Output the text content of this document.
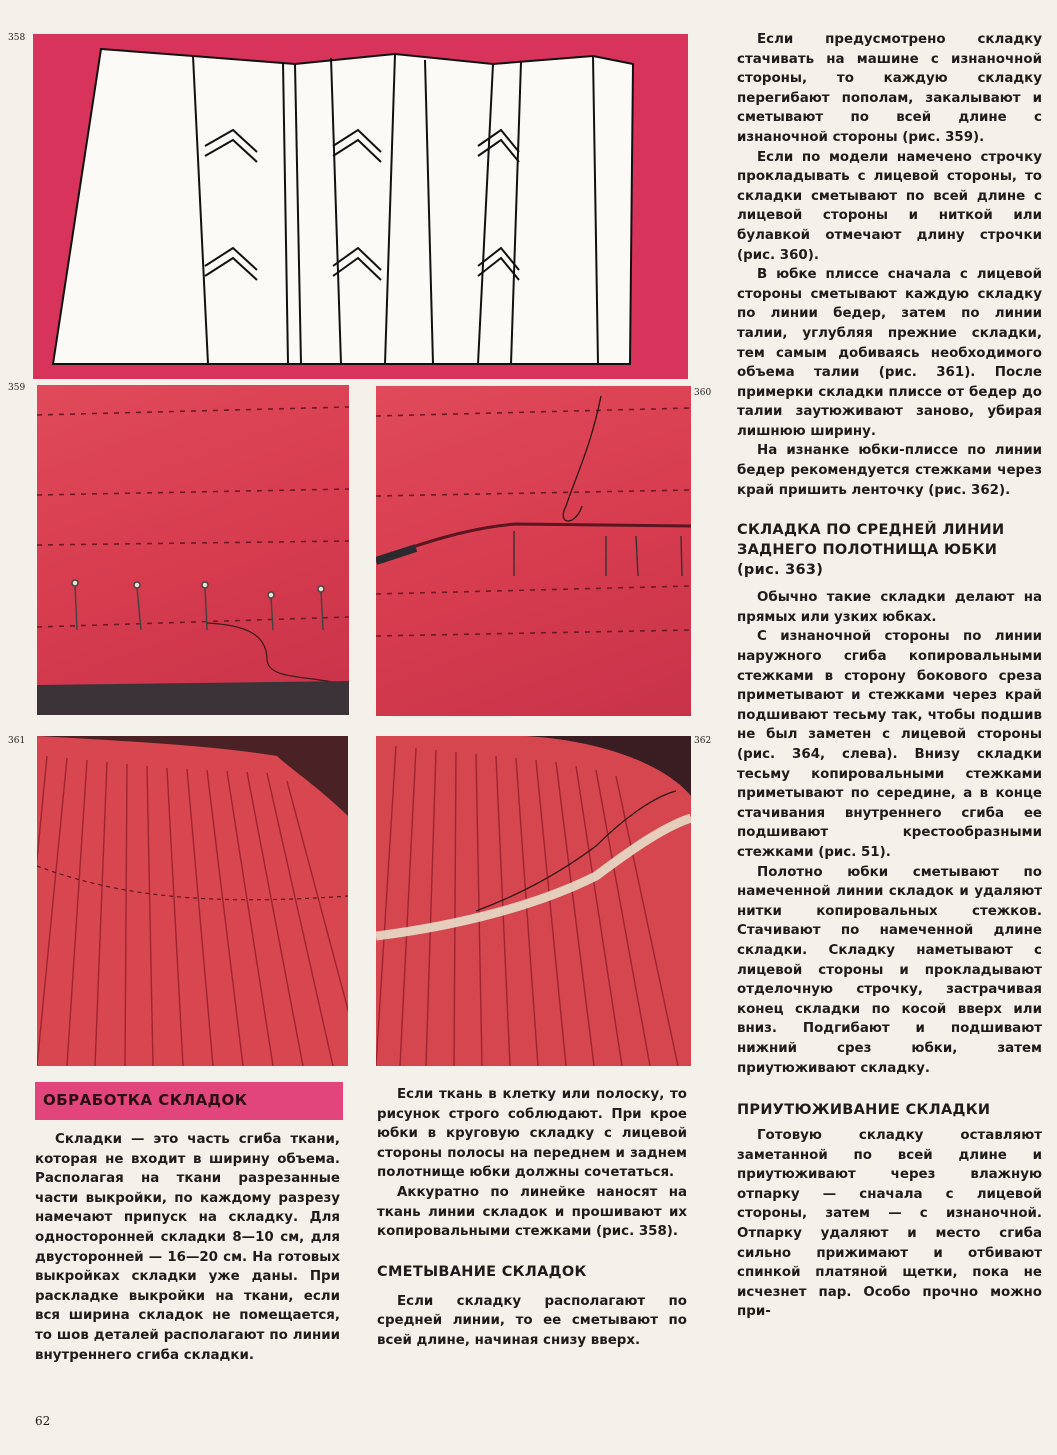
358
359	360
361	362

Если предусмотрено складку стачивать на машине с изнаночной стороны, то каждую складку перегибают пополам, закалывают и сметывают по всей длине с изнаночной стороны (рис. 359).

Если по модели намечено строчку прокладывать с лицевой стороны, то складки сметывают по всей длине с лицевой стороны и ниткой или булавкой отмечают длину строчки (рис. 360).

В юбке плиссе сначала с лицевой стороны сметывают каждую складку по линии бедер, затем по линии талии, углубляя прежние складки, тем самым добиваясь необходимого объема талии (рис. 361). После примерки складки плиссе от бедер до талии заутюживают заново, убирая лишнюю ширину.

На изнанке юбки-плиссе по линии бедер рекомендуется стежками через край пришить ленточку (рис. 362).

СКЛАДКА ПО СРЕДНЕЙ ЛИНИИ ЗАДНЕГО ПОЛОТНИЩА ЮБКИ (рис. 363)

Обычно такие складки делают на прямых или узких юбках.

С изнаночной стороны по линии наружного сгиба копировальными стежками в сторону бокового среза приметывают и стежками через край подшивают тесьму так, чтобы подшив не был заметен с лицевой стороны (рис. 364, слева). Внизу складки тесьму копировальными стежками приметывают по середине, а в конце стачивания внутреннего сгиба ее подшивают крестообразными стежками (рис. 51).

Полотно юбки сметывают по намеченной линии складок и удаляют нитки копировальных стежков. Стачивают по намеченной длине складки. Складку наметывают с лицевой стороны и прокладывают отделочную строчку, застрачивая конец складки по косой вверх или вниз. Подгибают и подшивают нижний срез юбки, затем приутюживают складку.

ПРИУТЮЖИВАНИЕ СКЛАДКИ

Готовую складку оставляют заметанной по всей длине и приутюживают через влажную отпарку — сначала с лицевой стороны, затем — с изнаночной. Отпарку удаляют и место сгиба сильно прижимают и отбивают спинкой платяной щетки, пока не исчезнет пар. Особо прочно можно при-

ОБРАБОТКА СКЛАДОК

Складки — это часть сгиба ткани, которая не входит в ширину объема. Располагая на ткани разрезанные части выкройки, по каждому разрезу намечают припуск на складку. Для односторонней складки 8—10 см, для двусторонней — 16—20 см. На готовых выкройках складки уже даны. При раскладке выкройки на ткани, если вся ширина складок не помещается, то шов деталей располагают по линии внутреннего сгиба складки.

Если ткань в клетку или полоску, то рисунок строго соблюдают. При крое юбки в круговую складку с лицевой стороны полосы на переднем и заднем полотнище юбки должны сочетаться.

Аккуратно по линейке наносят на ткань линии складок и прошивают их копировальными стежками (рис. 358).

СМЕТЫВАНИЕ СКЛАДОК

Если складку располагают по средней линии, то ее сметывают по всей длине, начиная снизу вверх.

62
